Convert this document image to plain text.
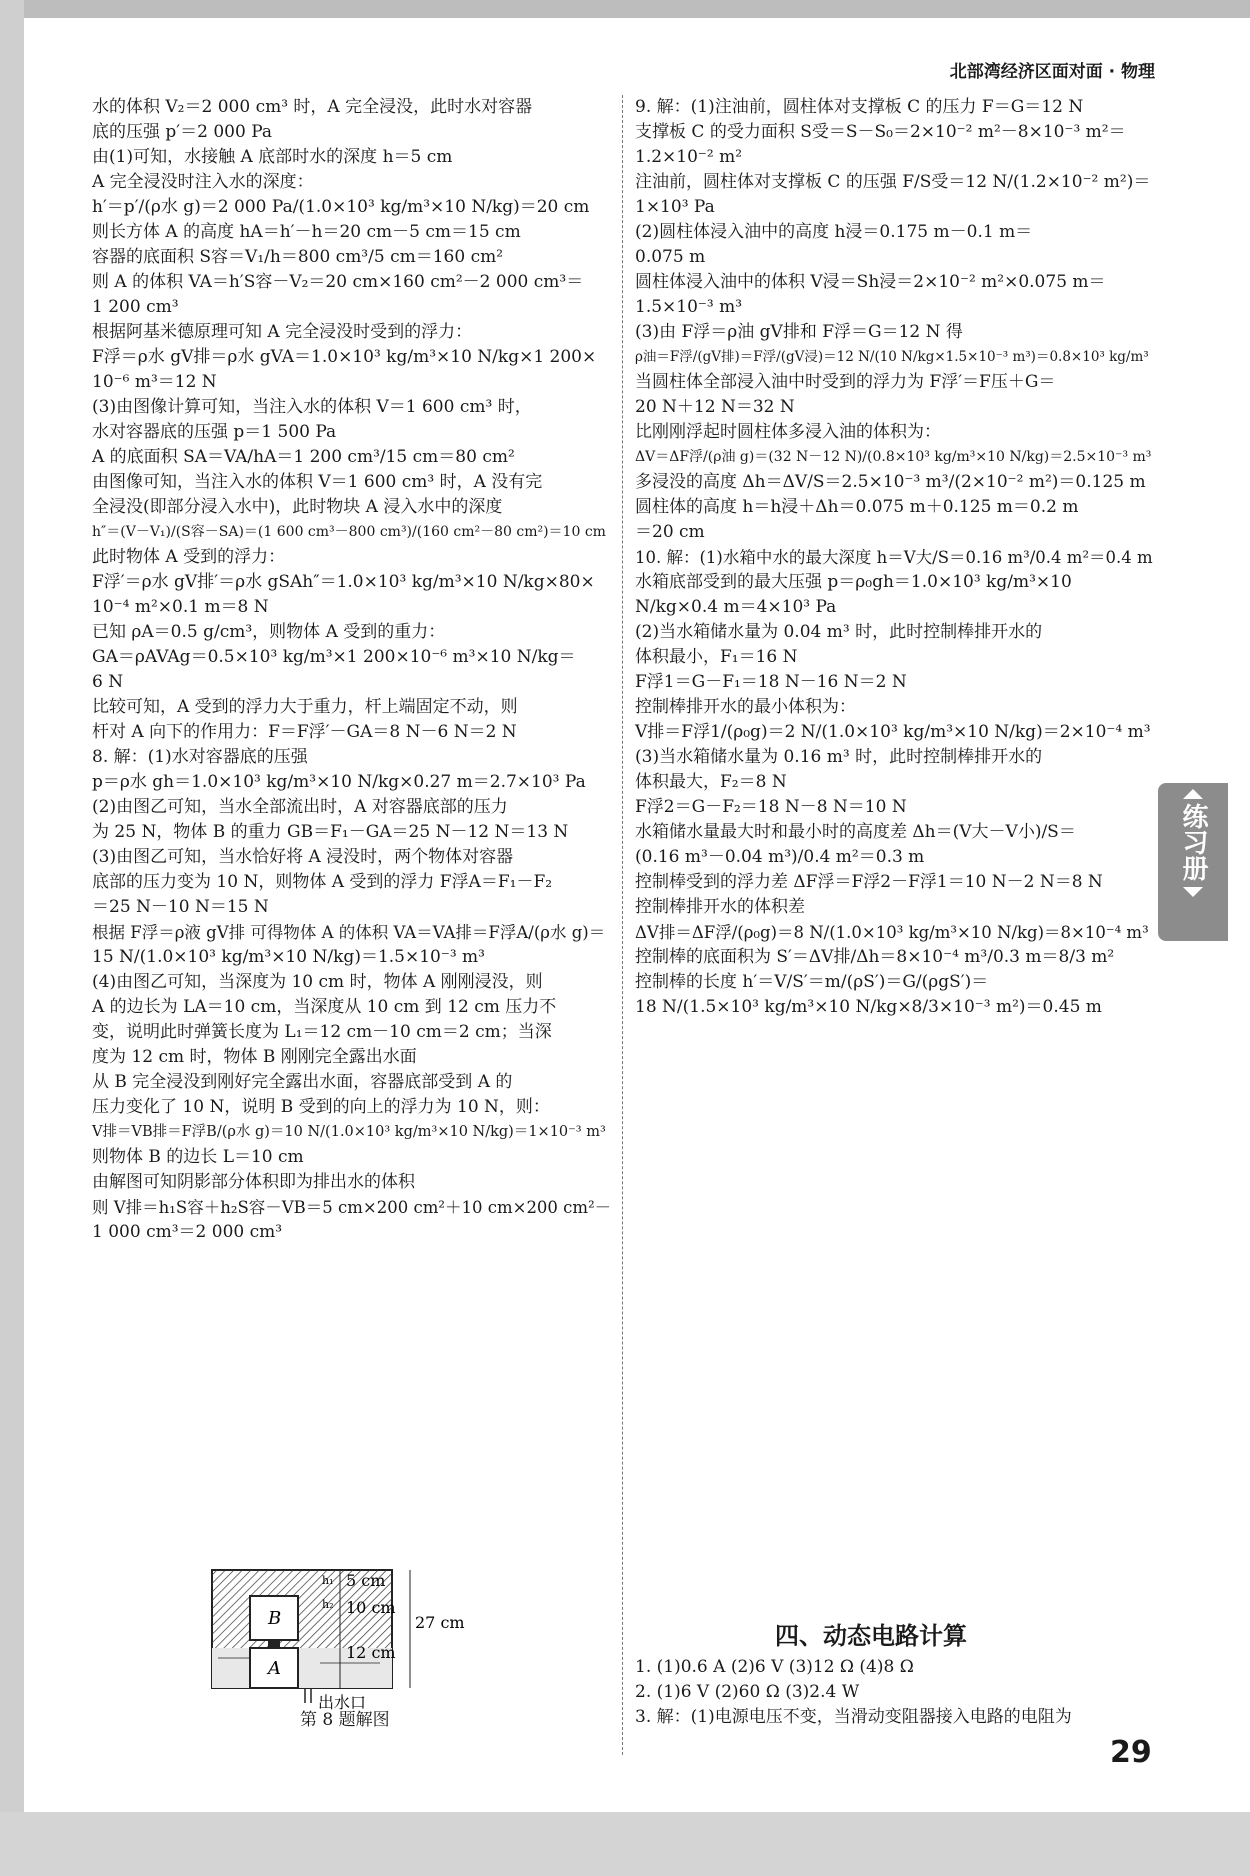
北部湾经济区面对面 · 物理
水的体积 V₂＝2 000 cm³ 时，A 完全浸没，此时水对容器
底的压强 p′＝2 000 Pa
由(1)可知，水接触 A 底部时水的深度 h＝5 cm
A 完全浸没时注入水的深度：
h′＝p′/(ρ水 g)＝2 000 Pa/(1.0×10³ kg/m³×10 N/kg)＝20 cm
则长方体 A 的高度 hA＝h′－h＝20 cm－5 cm＝15 cm
容器的底面积 S容＝V₁/h＝800 cm³/5 cm＝160 cm²
则 A 的体积 VA＝h′S容－V₂＝20 cm×160 cm²－2 000 cm³＝
1 200 cm³
根据阿基米德原理可知 A 完全浸没时受到的浮力：
F浮＝ρ水 gV排＝ρ水 gVA＝1.0×10³ kg/m³×10 N/kg×1 200×
10⁻⁶ m³＝12 N
(3)由图像计算可知，当注入水的体积 V＝1 600 cm³ 时，
水对容器底的压强 p＝1 500 Pa
A 的底面积 SA＝VA/hA＝1 200 cm³/15 cm＝80 cm²
由图像可知，当注入水的体积 V＝1 600 cm³ 时，A 没有完
全浸没(即部分浸入水中)，此时物块 A 浸入水中的深度
h″＝(V－V₁)/(S容－SA)＝(1 600 cm³－800 cm³)/(160 cm²－80 cm²)＝10 cm
此时物体 A 受到的浮力：
F浮′＝ρ水 gV排′＝ρ水 gSAh″＝1.0×10³ kg/m³×10 N/kg×80×
10⁻⁴ m²×0.1 m＝8 N
已知 ρA＝0.5 g/cm³，则物体 A 受到的重力：
GA＝ρAVAg＝0.5×10³ kg/m³×1 200×10⁻⁶ m³×10 N/kg＝
6 N
比较可知，A 受到的浮力大于重力，杆上端固定不动，则
杆对 A 向下的作用力：F＝F浮′－GA＝8 N－6 N＝2 N
8. 解：(1)水对容器底的压强
p＝ρ水 gh＝1.0×10³ kg/m³×10 N/kg×0.27 m＝2.7×10³ Pa
(2)由图乙可知，当水全部流出时，A 对容器底部的压力
为 25 N，物体 B 的重力 GB＝F₁－GA＝25 N－12 N＝13 N
(3)由图乙可知，当水恰好将 A 浸没时，两个物体对容器
底部的压力变为 10 N，则物体 A 受到的浮力 F浮A＝F₁－F₂
＝25 N－10 N＝15 N
根据 F浮＝ρ液 gV排 可得物体 A 的体积 VA＝VA排＝F浮A/(ρ水 g)＝
15 N/(1.0×10³ kg/m³×10 N/kg)＝1.5×10⁻³ m³
(4)由图乙可知，当深度为 10 cm 时，物体 A 刚刚浸没，则
A 的边长为 LA＝10 cm，当深度从 10 cm 到 12 cm 压力不
变，说明此时弹簧长度为 L₁＝12 cm－10 cm＝2 cm；当深
度为 12 cm 时，物体 B 刚刚完全露出水面
从 B 完全浸没到刚好完全露出水面，容器底部受到 A 的
压力变化了 10 N，说明 B 受到的向上的浮力为 10 N，则：
V排＝VB排＝F浮B/(ρ水 g)＝10 N/(1.0×10³ kg/m³×10 N/kg)＝1×10⁻³ m³
则物体 B 的边长 L＝10 cm
由解图可知阴影部分体积即为排出水的体积
则 V排＝h₁S容＋h₂S容－VB＝5 cm×200 cm²＋10 cm×200 cm²－
1 000 cm³＝2 000 cm³
9. 解：(1)注油前，圆柱体对支撑板 C 的压力 F＝G＝12 N
支撑板 C 的受力面积 S受＝S－S₀＝2×10⁻² m²－8×10⁻³ m²＝
1.2×10⁻² m²
注油前，圆柱体对支撑板 C 的压强 F/S受＝12 N/(1.2×10⁻² m²)＝
1×10³ Pa
(2)圆柱体浸入油中的高度 h浸＝0.175 m－0.1 m＝
0.075 m
圆柱体浸入油中的体积 V浸＝Sh浸＝2×10⁻² m²×0.075 m＝
1.5×10⁻³ m³
(3)由 F浮＝ρ油 gV排和 F浮＝G＝12 N 得
ρ油＝F浮/(gV排)＝F浮/(gV浸)＝12 N/(10 N/kg×1.5×10⁻³ m³)＝0.8×10³ kg/m³
当圆柱体全部浸入油中时受到的浮力为 F浮′＝F压＋G＝
20 N＋12 N＝32 N
比刚刚浮起时圆柱体多浸入油的体积为：
ΔV＝ΔF浮/(ρ油 g)＝(32 N－12 N)/(0.8×10³ kg/m³×10 N/kg)＝2.5×10⁻³ m³
多浸没的高度 Δh＝ΔV/S＝2.5×10⁻³ m³/(2×10⁻² m²)＝0.125 m
圆柱体的高度 h＝h浸＋Δh＝0.075 m＋0.125 m＝0.2 m
＝20 cm
10. 解：(1)水箱中水的最大深度 h＝V大/S＝0.16 m³/0.4 m²＝0.4 m
水箱底部受到的最大压强 p＝ρ₀gh＝1.0×10³ kg/m³×10
N/kg×0.4 m＝4×10³ Pa
(2)当水箱储水量为 0.04 m³ 时，此时控制棒排开水的
体积最小，F₁＝16 N
F浮1＝G－F₁＝18 N－16 N＝2 N
控制棒排开水的最小体积为：
V排＝F浮1/(ρ₀g)＝2 N/(1.0×10³ kg/m³×10 N/kg)＝2×10⁻⁴ m³
(3)当水箱储水量为 0.16 m³ 时，此时控制棒排开水的
体积最大，F₂＝8 N
F浮2＝G－F₂＝18 N－8 N＝10 N
水箱储水量最大时和最小时的高度差 Δh＝(V大－V小)/S＝
(0.16 m³－0.04 m³)/0.4 m²＝0.3 m
控制棒受到的浮力差 ΔF浮＝F浮2－F浮1＝10 N－2 N＝8 N
控制棒排开水的体积差
ΔV排＝ΔF浮/(ρ₀g)＝8 N/(1.0×10³ kg/m³×10 N/kg)＝8×10⁻⁴ m³
控制棒的底面积为 S′＝ΔV排/Δh＝8×10⁻⁴ m³/0.3 m＝8/3 m²
控制棒的长度 h′＝V/S′＝m/(ρS′)＝G/(ρgS′)＝
18 N/(1.5×10³ kg/m³×10 N/kg×8/3×10⁻³ m²)＝0.45 m
练习册
B
A
h₁ 5 cm
h₂ 10 cm
12 cm
27 cm
出水口
第 8 题解图
四、动态电路计算
1. (1)0.6 A (2)6 V (3)12 Ω (4)8 Ω
2. (1)6 V (2)60 Ω (3)2.4 W
3. 解：(1)电源电压不变，当滑动变阻器接入电路的电阻为
29
